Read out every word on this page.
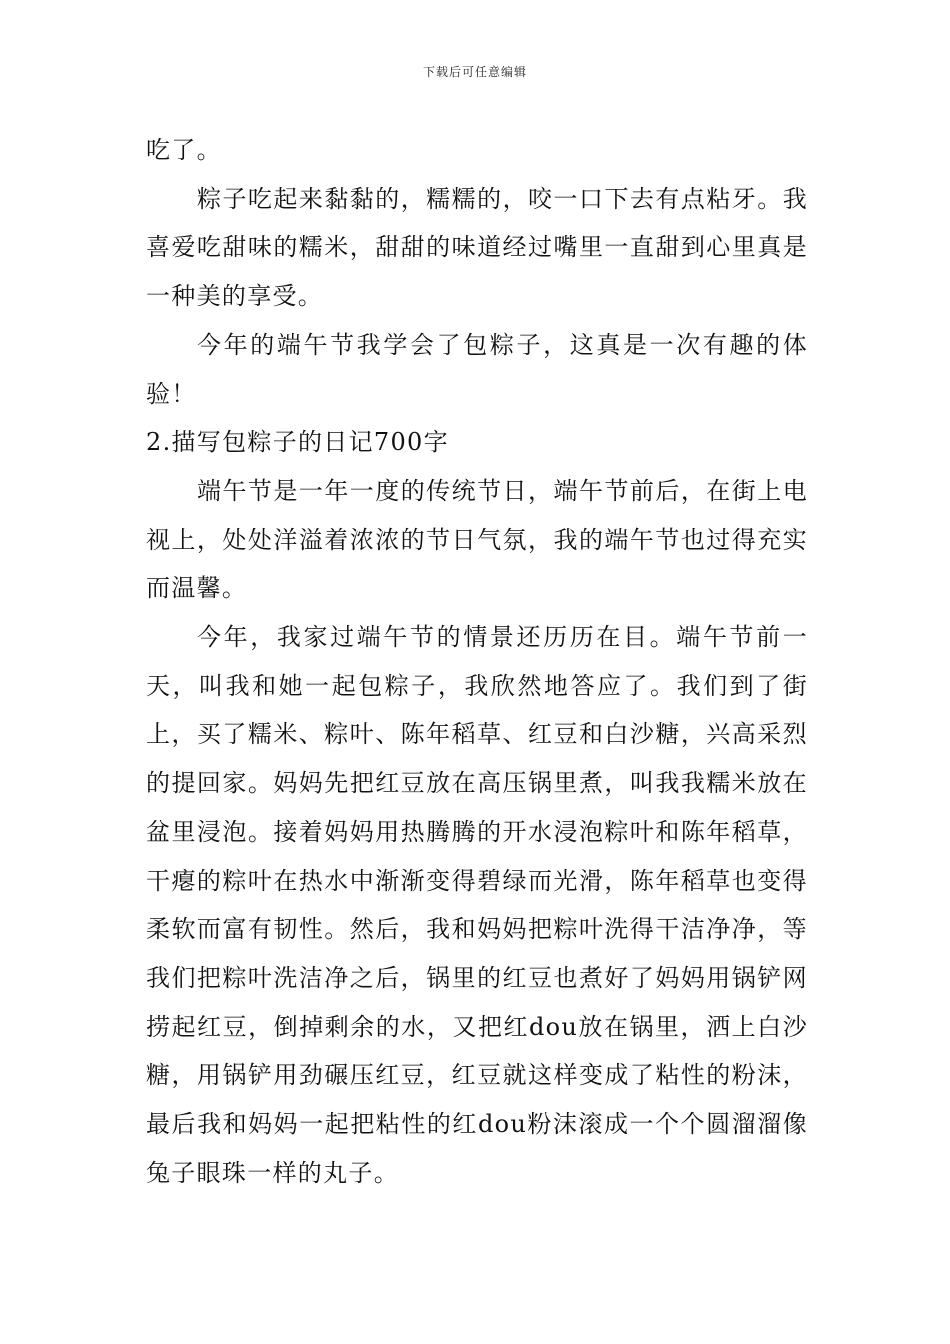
下载后可任意编辑

吃了。

粽子吃起来黏黏的，糯糯的，咬一口下去有点粘牙。我喜爱吃甜味的糯米，甜甜的味道经过嘴里一直甜到心里真是一种美的享受。

今年的端午节我学会了包粽子，这真是一次有趣的体验！

2.描写包粽子的日记700字

端午节是一年一度的传统节日，端午节前后，在街上电视上，处处洋溢着浓浓的节日气氛，我的端午节也过得充实而温馨。

今年，我家过端午节的情景还历历在目。端午节前一天，叫我和她一起包粽子，我欣然地答应了。我们到了街上，买了糯米、粽叶、陈年稻草、红豆和白沙糖，兴高采烈的提回家。妈妈先把红豆放在高压锅里煮，叫我我糯米放在盆里浸泡。接着妈妈用热腾腾的开水浸泡粽叶和陈年稻草，干瘪的粽叶在热水中渐渐变得碧绿而光滑，陈年稻草也变得柔软而富有韧性。然后，我和妈妈把粽叶洗得干洁净净，等我们把粽叶洗洁净之后，锅里的红豆也煮好了妈妈用锅铲网捞起红豆，倒掉剩余的水，又把红dou放在锅里，洒上白沙糖，用锅铲用劲碾压红豆，红豆就这样变成了粘性的粉沫，最后我和妈妈一起把粘性的红dou粉沫滚成一个个圆溜溜像兔子眼珠一样的丸子。
